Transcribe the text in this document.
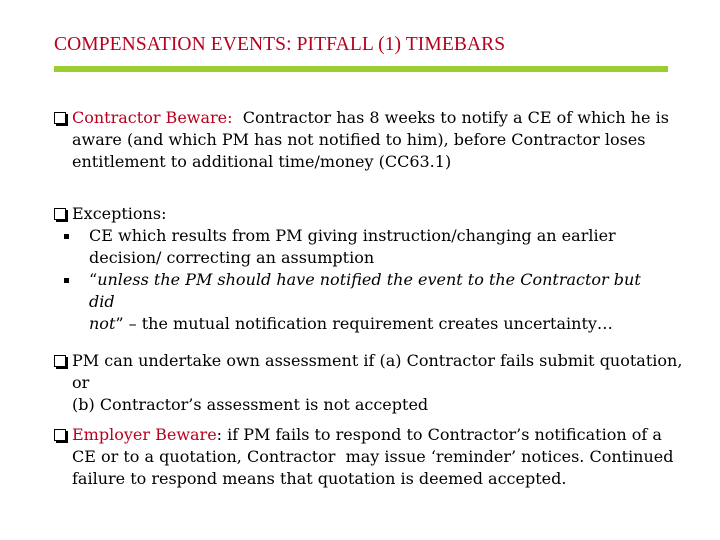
COMPENSATION EVENTS: PITFALL (1) TIMEBARS
Contractor Beware:  Contractor has 8 weeks to notify a CE of which he is
aware (and which PM has not notified to him), before Contractor loses
entitlement to additional time/money (CC63.1)
Exceptions:
CE which results from PM giving instruction/changing an earlier
decision/ correcting an assumption
“unless the PM should have notified the event to the Contractor but did
not” – the mutual notification requirement creates uncertainty…
PM can undertake own assessment if (a) Contractor fails submit quotation, or
(b) Contractor’s assessment is not accepted
Employer Beware: if PM fails to respond to Contractor’s notification of a
CE or to a quotation, Contractor  may issue ‘reminder’ notices. Continued
failure to respond means that quotation is deemed accepted.
